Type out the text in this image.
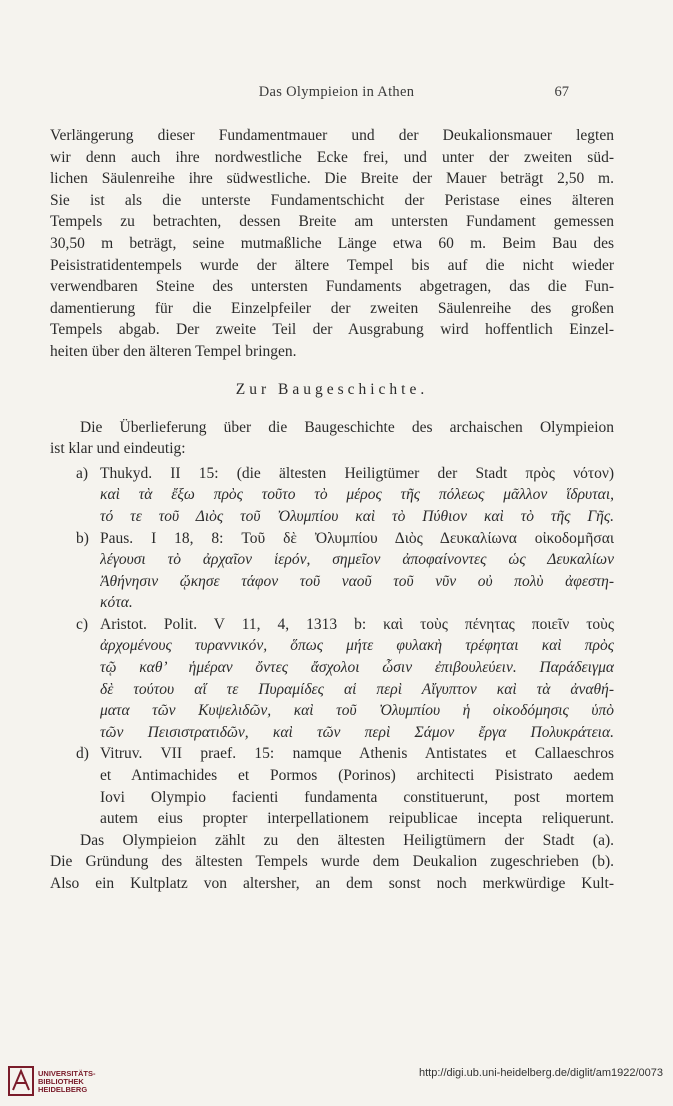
Das Olympieion in Athen	67
Verlängerung dieser Fundamentmauer und der Deukalionsmauer legten
wir denn auch ihre nordwestliche Ecke frei, und unter der zweiten süd-
lichen Säulenreihe ihre südwestliche. Die Breite der Mauer beträgt 2,50 m.
Sie ist als die unterste Fundamentschicht der Peristase eines älteren
Tempels zu betrachten, dessen Breite am untersten Fundament gemessen
30,50 m beträgt, seine mutmaßliche Länge etwa 60 m. Beim Bau des
Peisistratidentempels wurde der ältere Tempel bis auf die nicht wieder
verwendbaren Steine des untersten Fundaments abgetragen, das die Fun-
damentierung für die Einzelpfeiler der zweiten Säulenreihe des großen
Tempels abgab. Der zweite Teil der Ausgrabung wird hoffentlich Einzel-
heiten über den älteren Tempel bringen.
Zur Baugeschichte.
Die Überlieferung über die Baugeschichte des archaischen Olympieion
ist klar und eindeutig:
a) Thukyd. II 15: (die ältesten Heiligtümer der Stadt πρὸς νότον)
καὶ τὰ ἔξω πρὸς τοῦτο τὸ μέρος τῆς πόλεως μᾶλλον ἵδρυται,
τό τε τοῦ Διὸς τοῦ Ὀλυμπίου καὶ τὸ Πύθιον καὶ τὸ τῆς Γῆς.
b) Paus. I 18, 8: Τοῦ δὲ Ὀλυμπίου Διὸς Δευκαλίωνα οἰκοδομῆσαι
λέγουσι τὸ ἀρχαῖον ἱερόν, σημεῖον ἀποφαίνοντες ὡς Δευκαλίων
Ἀθήνησιν ᾤκησε τάφον τοῦ ναοῦ τοῦ νῦν οὐ πολὺ ἀφεστη-
κότα.
c) Aristot. Polit. V 11, 4, 1313 b: καὶ τοὺς πένητας ποιεῖν τοὺς
ἀρχομένους τυραννικόν, ὅπως μήτε φυλακὴ τρέφηται καὶ πρὸς
τῷ καθ’ ἡμέραν ὄντες ἄσχολοι ὦσιν ἐπιβουλεύειν. Παράδειγμα
δὲ τούτου αἵ τε Πυραμίδες αἱ περὶ Αἴγυπτον καὶ τὰ ἀναθή-
ματα τῶν Κυψελιδῶν, καὶ τοῦ Ὀλυμπίου ἡ οἰκοδόμησις ὑπὸ
τῶν Πεισιστρατιδῶν, καὶ τῶν περὶ Σάμον ἔργα Πολυκράτεια.
d) Vitruv. VII praef. 15: namque Athenis Antistates et Callaeschros
et Antimachides et Pormos (Porinos) architecti Pisistrato aedem
Iovi Olympio facienti fundamenta constituerunt, post mortem
autem eius propter interpellationem reipublicae incepta reliquerunt.
Das Olympieion zählt zu den ältesten Heiligtümern der Stadt (a).
Die Gründung des ältesten Tempels wurde dem Deukalion zugeschrieben (b).
Also ein Kultplatz von altersher, an dem sonst noch merkwürdige Kult-
UNIVERSITÄTS-
BIBLIOTHEK
HEIDELBERG
http://digi.ub.uni-heidelberg.de/diglit/am1922/0073
